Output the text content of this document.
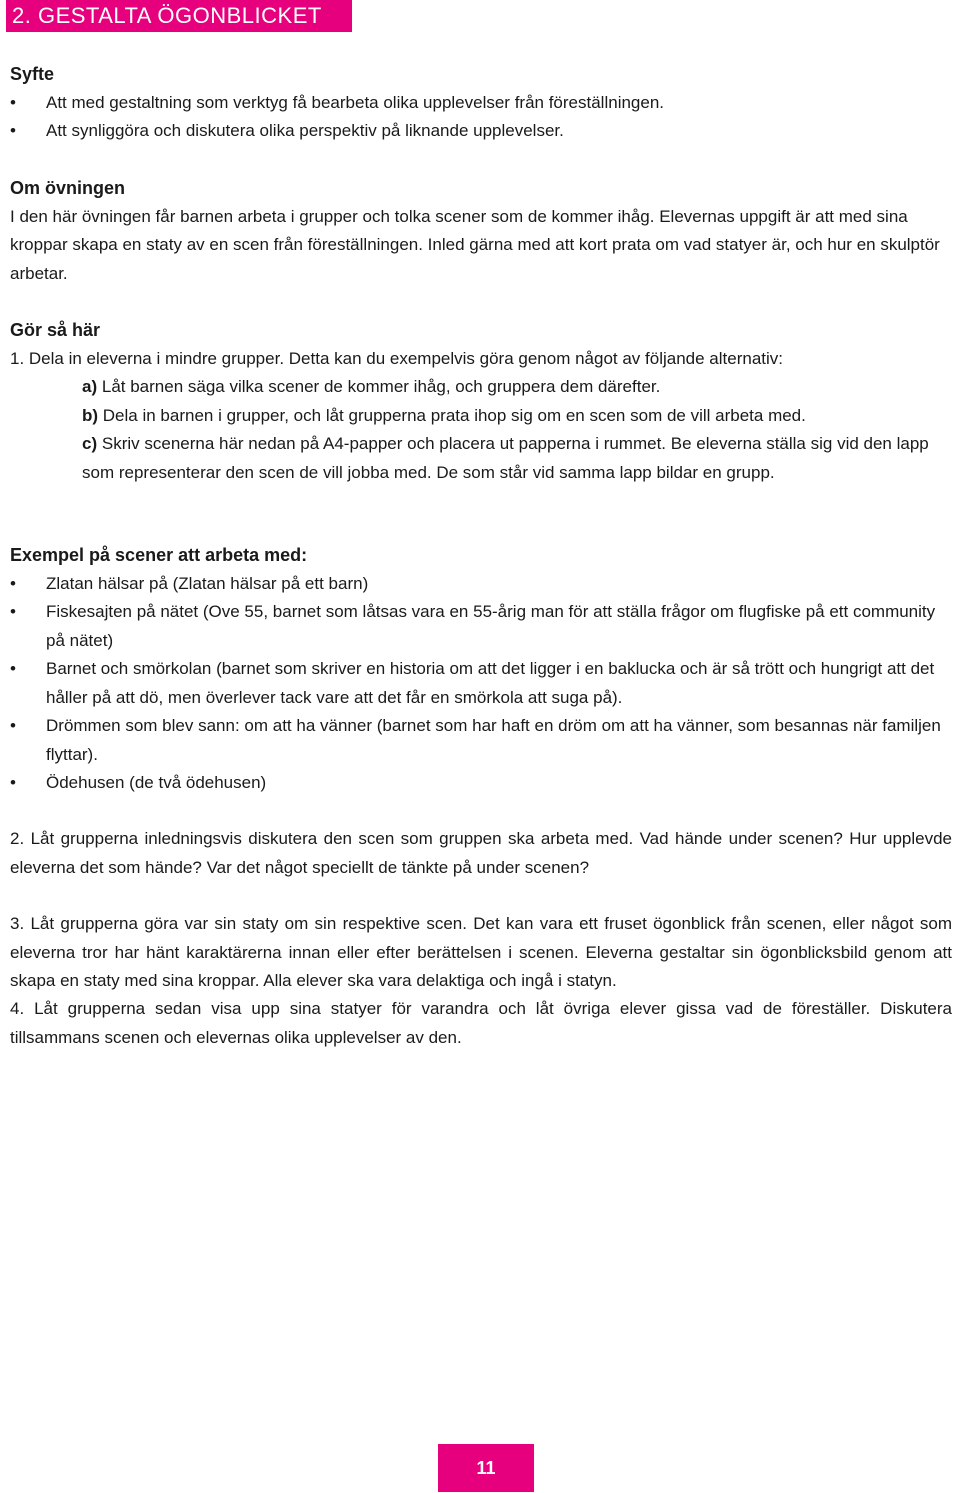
2. GESTALTA ÖGONBLICKET

Syfte

• Att med gestaltning som verktyg få bearbeta olika upplevelser från föreställningen.
• Att synliggöra och diskutera olika perspektiv på liknande upplevelser.

Om övningen

I den här övningen får barnen arbeta i grupper och tolka scener som de kommer ihåg. Elevernas uppgift är att med sina kroppar skapa en staty av en scen från föreställningen. Inled gärna med att kort prata om vad statyer är, och hur en skulptör arbetar.

Gör så här

1. Dela in eleverna i mindre grupper. Detta kan du exempelvis göra genom något av följande alternativ:

a) Låt barnen säga vilka scener de kommer ihåg, och gruppera dem därefter.

b) Dela in barnen i grupper, och låt grupperna prata ihop sig om en scen som de vill arbeta med.

c) Skriv scenerna här nedan på A4-papper och placera ut papperna i rummet. Be eleverna ställa sig vid den lapp som representerar den scen de vill jobba med. De som står vid samma lapp bildar en grupp.

Exempel på scener att arbeta med:

• Zlatan hälsar på (Zlatan hälsar på ett barn)
• Fiskesajten på nätet (Ove 55, barnet som låtsas vara en 55-årig man för att ställa frågor om flugfiske på ett community på nätet)
• Barnet och smörkolan (barnet som skriver en historia om att det ligger i en baklucka och är så trött och hungrigt att det håller på att dö, men överlever tack vare att det får en smörkola att suga på).
• Drömmen som blev sann: om att ha vänner (barnet som har haft en dröm om att ha vänner, som besannas när familjen flyttar).
• Ödehusen (de två ödehusen)
2. Låt grupperna inledningsvis diskutera den scen som gruppen ska arbeta med. Vad hände under scenen? Hur upplevde eleverna det som hände? Var det något speciellt de tänkte på under scenen?
3. Låt grupperna göra var sin staty om sin respektive scen. Det kan vara ett fruset ögonblick från scenen, eller något som eleverna tror har hänt karaktärerna innan eller efter berättelsen i scenen. Eleverna gestaltar sin ögonblicksbild genom att skapa en staty med sina kroppar. Alla elever ska vara delaktiga och ingå i statyn.
4. Låt grupperna sedan visa upp sina statyer för varandra och låt övriga elever gissa vad de föreställer. Diskutera tillsammans scenen och elevernas olika upplevelser av den.
11
